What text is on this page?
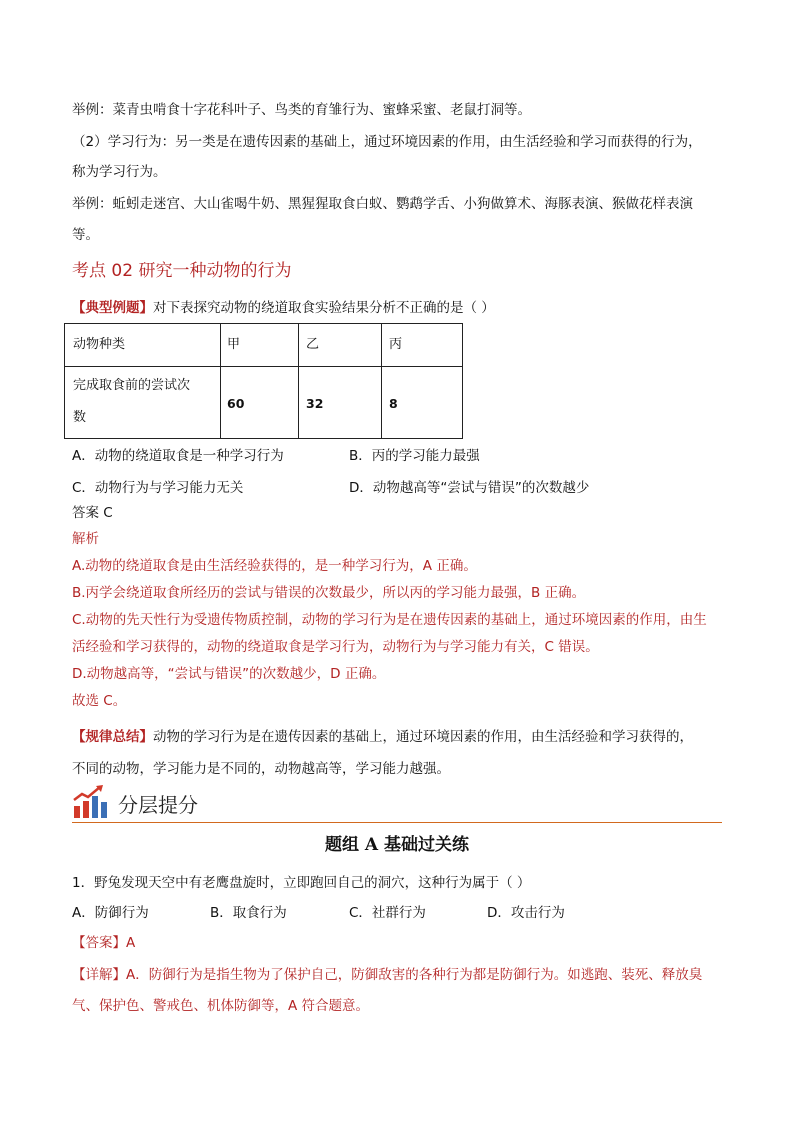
举例：菜青虫啃食十字花科叶子、鸟类的育雏行为、蜜蜂采蜜、老鼠打洞等。
（2）学习行为：另一类是在遗传因素的基础上，通过环境因素的作用，由生活经验和学习而获得的行为，
称为学习行为。
举例：蚯蚓走迷宫、大山雀喝牛奶、黑猩猩取食白蚁、鹦鹉学舌、小狗做算术、海豚表演、猴做花样表演
等。
考点 02 研究一种动物的行为
【典型例题】对下表探究动物的绕道取食实验结果分析不正确的是（ ）
动物种类	甲	乙	丙
完成取食前的尝试次
数
60	32	8
A．动物的绕道取食是一种学习行为	B．丙的学习能力最强
C．动物行为与学习能力无关	D．动物越高等“尝试与错误”的次数越少
答案 C
解析
A.动物的绕道取食是由生活经验获得的，是一种学习行为，A 正确。
B.丙学会绕道取食所经历的尝试与错误的次数最少，所以丙的学习能力最强，B 正确。
C.动物的先天性行为受遗传物质控制，动物的学习行为是在遗传因素的基础上，通过环境因素的作用，由生
活经验和学习获得的，动物的绕道取食是学习行为，动物行为与学习能力有关，C 错误。
D.动物越高等，“尝试与错误”的次数越少，D 正确。
故选 C。
【规律总结】动物的学习行为是在遗传因素的基础上，通过环境因素的作用，由生活经验和学习获得的，
不同的动物，学习能力是不同的，动物越高等，学习能力越强。
分层提分
题组 A 基础过关练
1．野兔发现天空中有老鹰盘旋时，立即跑回自己的洞穴，这种行为属于（ ）
A．防御行为	B．取食行为	C．社群行为	D．攻击行为
【答案】A
【详解】A．防御行为是指生物为了保护自己，防御敌害的各种行为都是防御行为。如逃跑、装死、释放臭
气、保护色、警戒色、机体防御等，A 符合题意。
